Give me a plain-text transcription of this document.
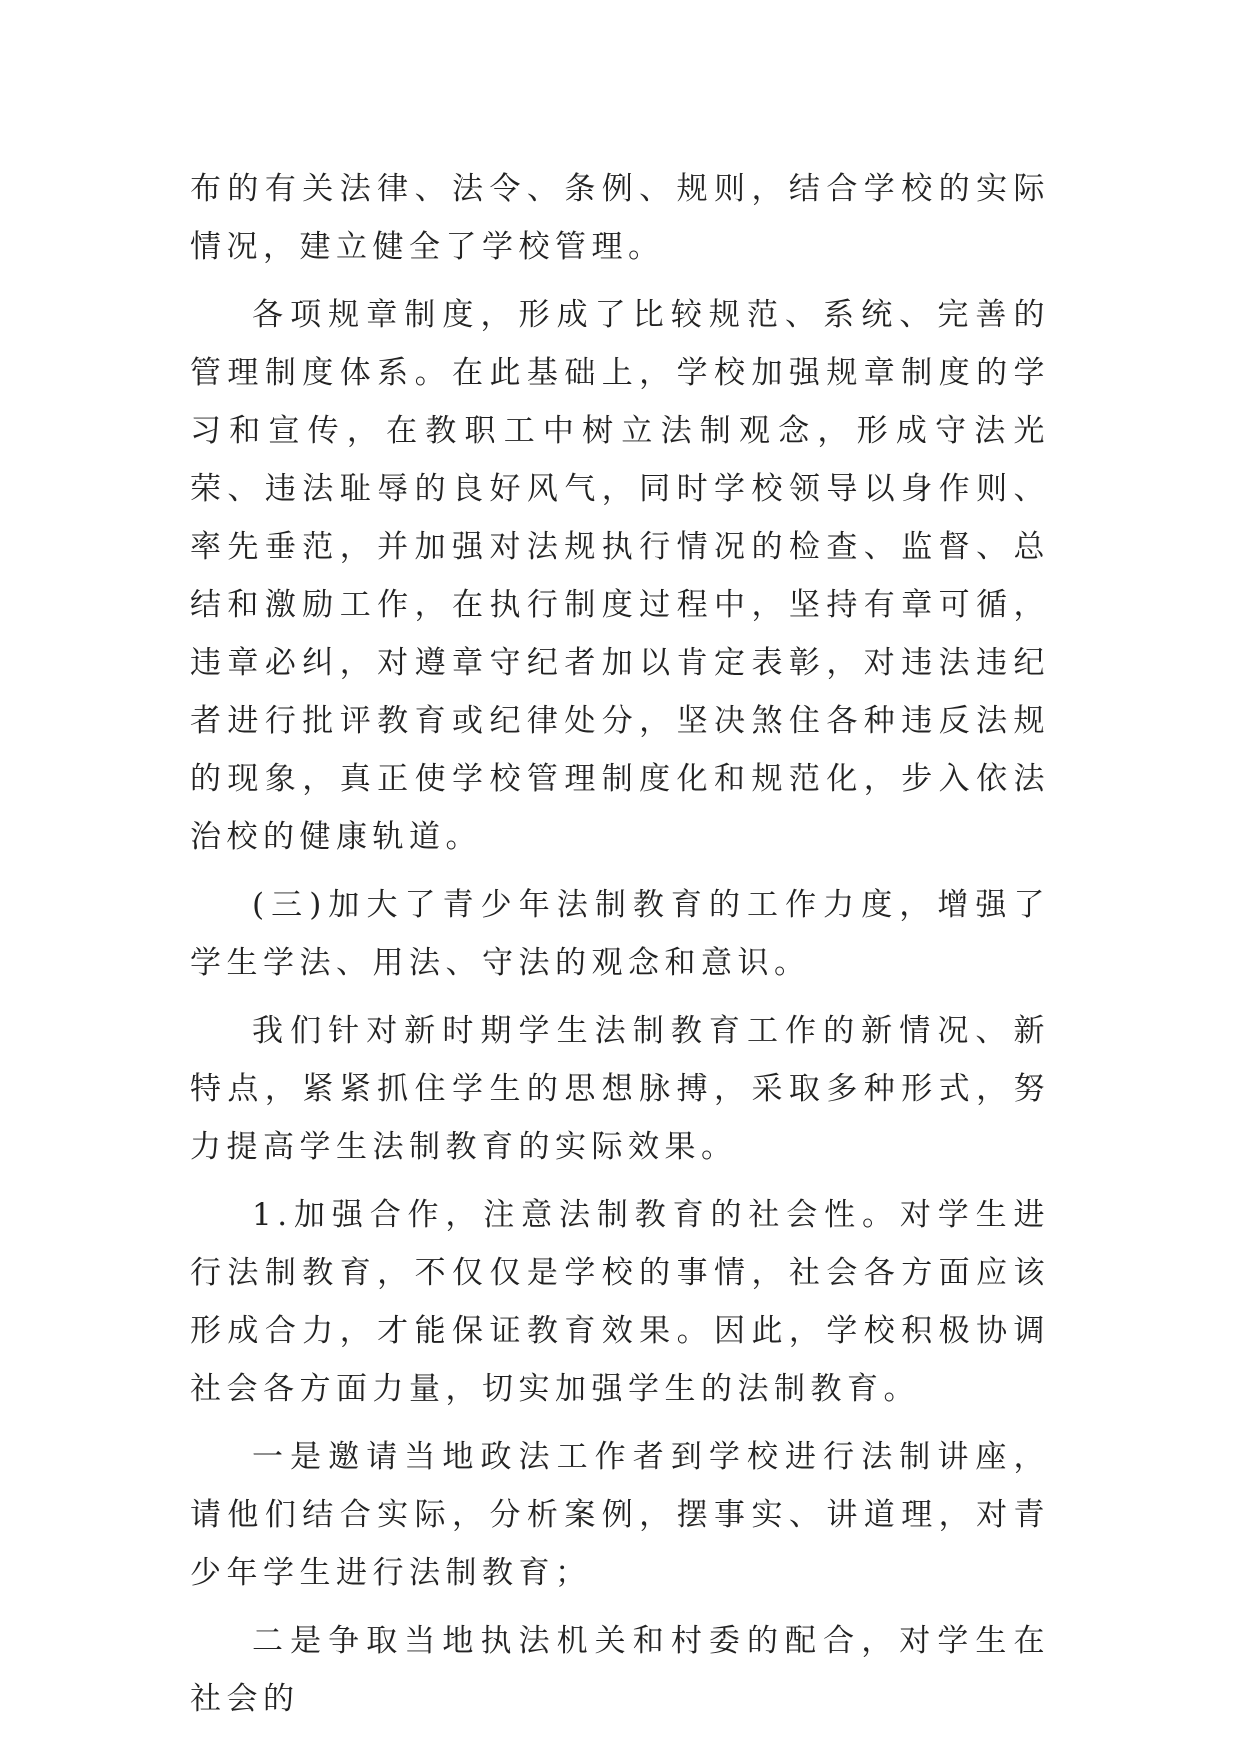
布的有关法律、法令、条例、规则，结合学校的实际情况，建立健全了学校管理。

各项规章制度，形成了比较规范、系统、完善的管理制度体系。在此基础上，学校加强规章制度的学习和宣传，在教职工中树立法制观念，形成守法光荣、违法耻辱的良好风气，同时学校领导以身作则、率先垂范，并加强对法规执行情况的检查、监督、总结和激励工作，在执行制度过程中，坚持有章可循，违章必纠，对遵章守纪者加以肯定表彰，对违法违纪者进行批评教育或纪律处分，坚决煞住各种违反法规的现象，真正使学校管理制度化和规范化，步入依法治校的健康轨道。

(三)加大了青少年法制教育的工作力度，增强了学生学法、用法、守法的观念和意识。

我们针对新时期学生法制教育工作的新情况、新特点，紧紧抓住学生的思想脉搏，采取多种形式，努力提高学生法制教育的实际效果。

1.加强合作，注意法制教育的社会性。对学生进行法制教育，不仅仅是学校的事情，社会各方面应该形成合力，才能保证教育效果。因此，学校积极协调社会各方面力量，切实加强学生的法制教育。

一是邀请当地政法工作者到学校进行法制讲座，请他们结合实际，分析案例，摆事实、讲道理，对青少年学生进行法制教育；

二是争取当地执法机关和村委的配合，对学生在社会的
